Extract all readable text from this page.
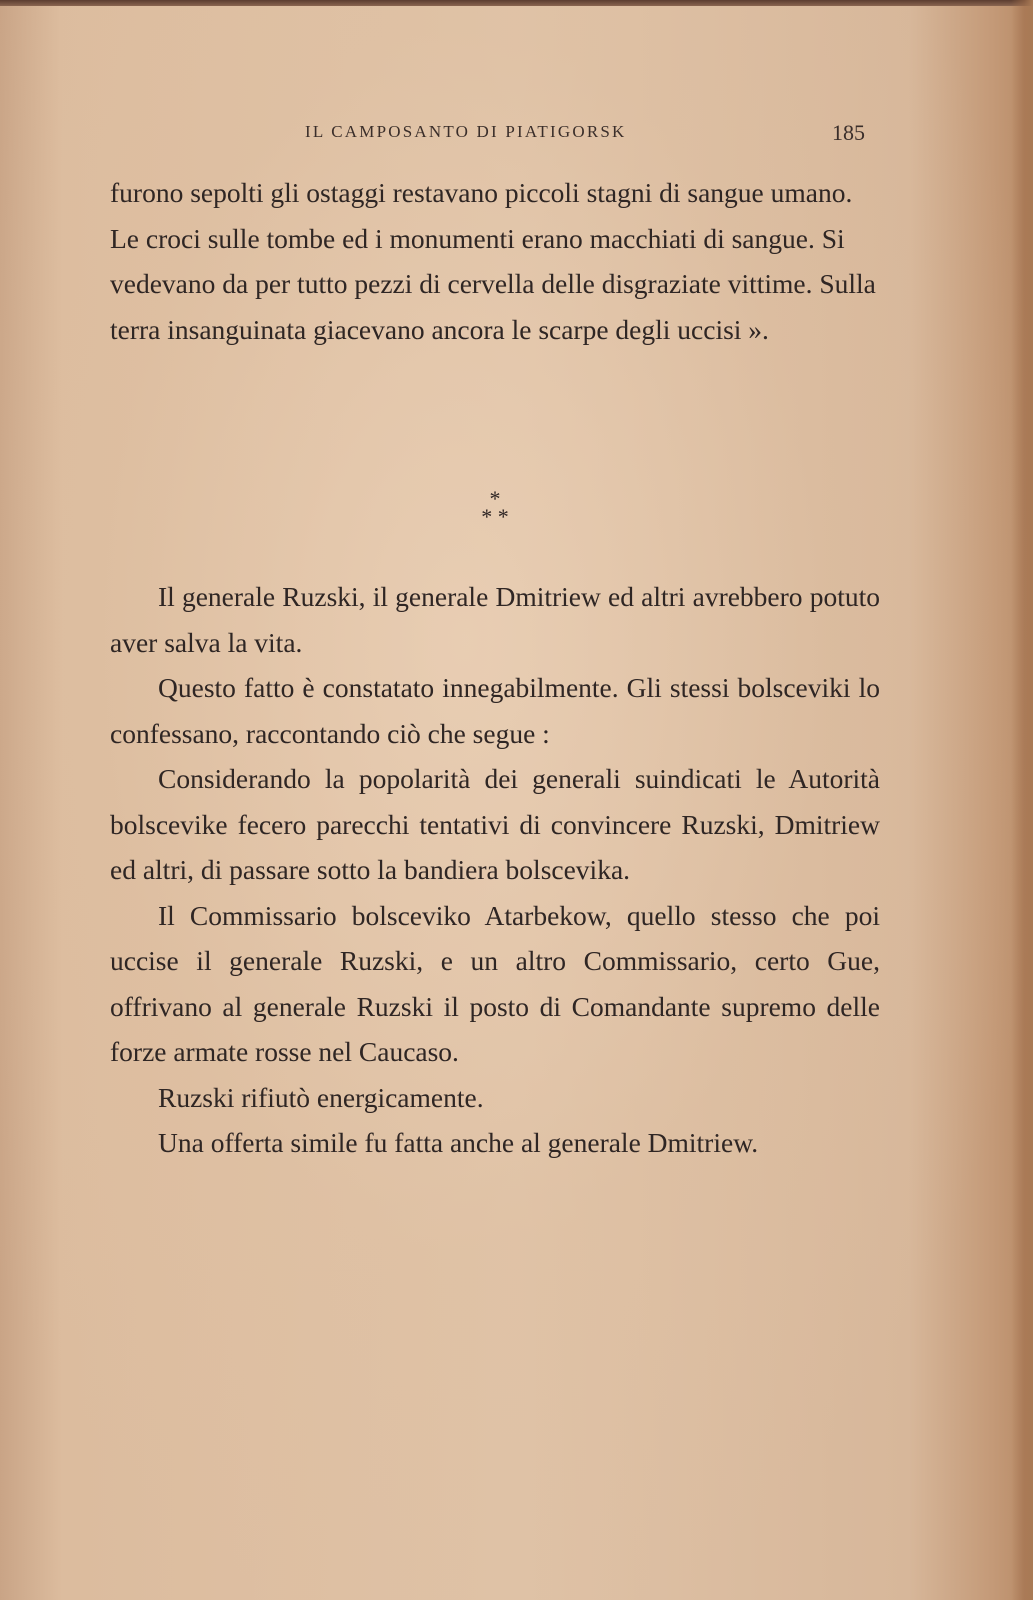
IL CAMPOSANTO DI PIATIGORSK	185

furono sepolti gli ostaggi restavano piccoli stagni di sangue umano. Le croci sulle tombe ed i monumenti erano macchiati di sangue. Si vedevano da per tutto pezzi di cervella delle disgraziate vittime. Sulla terra insanguinata giacevano ancora le scarpe degli uccisi ».

*
* *

Il generale Ruzski, il generale Dmitriew ed altri avrebbero potuto aver salva la vita.

Questo fatto è constatato innegabilmente. Gli stessi bolsceviki lo confessano, raccontando ciò che segue :

Considerando la popolarità dei generali suindicati le Autorità bolscevike fecero parecchi tentativi di convincere Ruzski, Dmitriew ed altri, di passare sotto la bandiera bolscevika.

Il Commissario bolsceviko Atarbekow, quello stesso che poi uccise il generale Ruzski, e un altro Commissario, certo Gue, offrivano al generale Ruzski il posto di Comandante supremo delle forze armate rosse nel Caucaso.

Ruzski rifiutò energicamente.

Una offerta simile fu fatta anche al generale Dmitriew.
